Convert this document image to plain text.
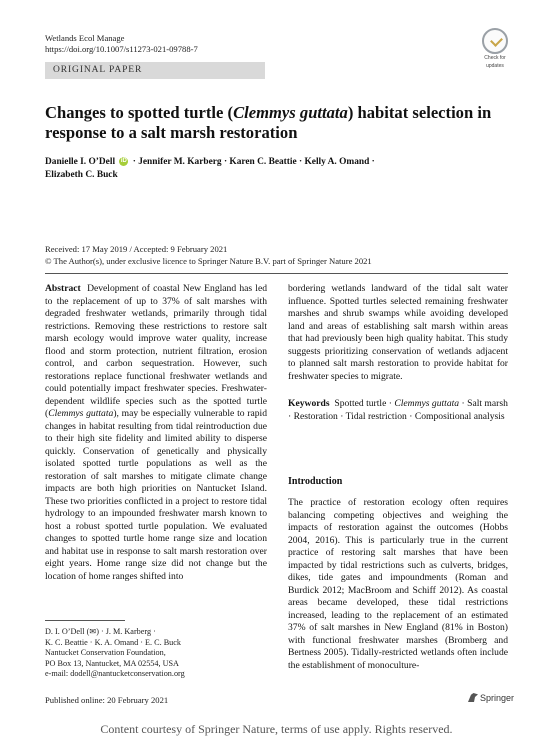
Wetlands Ecol Manage
https://doi.org/10.1007/s11273-021-09788-7
Check for
updates
ORIGINAL PAPER
Changes to spotted turtle (Clemmys guttata) habitat selection in response to a salt marsh restoration
Danielle I. O’Dell iD · Jennifer M. Karberg · Karen C. Beattie · Kelly A. Omand ·
Elizabeth C. Buck
Received: 17 May 2019 / Accepted: 9 February 2021
© The Author(s), under exclusive licence to Springer Nature B.V. part of Springer Nature 2021

Abstract Development of coastal New England has led to the replacement of up to 37% of salt marshes with degraded freshwater wetlands, primarily through tidal restrictions. Removing these restrictions to restore salt marsh ecology would improve water quality, increase flood and storm protection, nutrient filtration, erosion control, and carbon sequestration. However, such restorations replace functional freshwater wetlands and could potentially impact freshwater species. Freshwater-dependent wildlife species such as the spotted turtle (Clemmys guttata), may be especially vulnerable to rapid changes in habitat resulting from tidal reintroduction due to their high site fidelity and limited ability to disperse quickly. Conservation of genetically and physically isolated spotted turtle populations as well as the restoration of salt marshes to mitigate climate change impacts are both high priorities on Nantucket Island. These two priorities conflicted in a project to restore tidal hydrology to an impounded freshwater marsh known to host a robust spotted turtle population. We evaluated changes to spotted turtle home range size and location and habitat use in response to salt marsh restoration over eight years. Home range size did not change but the location of home ranges shifted into

bordering wetlands landward of the tidal salt water influence. Spotted turtles selected remaining freshwater marshes and shrub swamps while avoiding developed land and areas of establishing salt marsh within areas that had previously been high quality habitat. This study suggests prioritizing conservation of wetlands adjacent to planned salt marsh restoration to provide habitat for freshwater species to migrate.

Keywords Spotted turtle · Clemmys guttata · Salt marsh · Restoration · Tidal restriction · Compositional analysis

Introduction

The practice of restoration ecology often requires balancing competing objectives and weighing the impacts of restoration against the outcomes (Hobbs 2004, 2016). This is particularly true in the current practice of restoring salt marshes that have been impacted by tidal restrictions such as culverts, bridges, dikes, tide gates and impoundments (Roman and Burdick 2012; MacBroom and Schiff 2012). As coastal areas became developed, these tidal restrictions increased, leading to the replacement of an estimated 37% of salt marshes in New England (81% in Boston) with functional freshwater marshes (Bromberg and Bertness 2005). Tidally-restricted wetlands often include the establishment of monoculture-

D. I. O’Dell (✉) · J. M. Karberg ·
K. C. Beattie · K. A. Omand · E. C. Buck
Nantucket Conservation Foundation,
PO Box 13, Nantucket, MA 02554, USA
e-mail: dodell@nantucketconservation.org
Published online: 20 February 2021	Springer
Content courtesy of Springer Nature, terms of use apply. Rights reserved.
